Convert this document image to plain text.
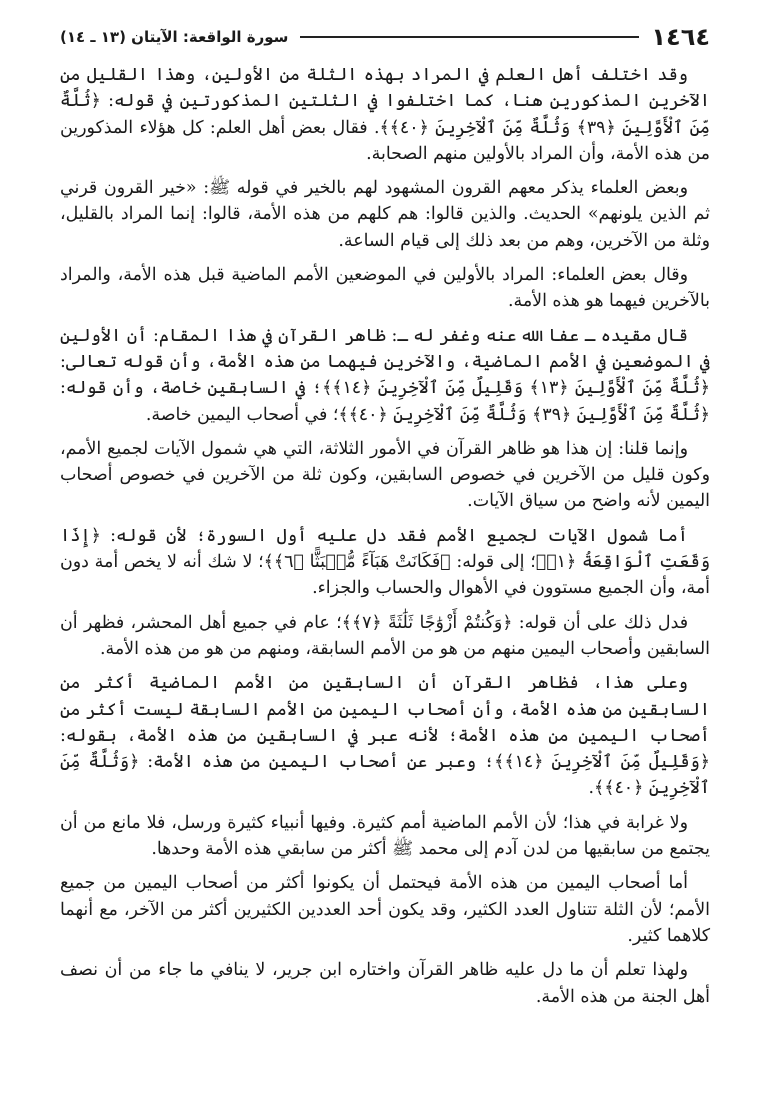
١٤٦٤
سورة الواقعة: الآيتان (١٣ ـ ١٤)

وقد اختلف أهل العلم في المراد بهذه الثلة من الأولين، وهذا القليل من الآخرين المذكورين هنا، كما اختلفوا في الثلتين المذكورتين في قوله: ﴿ثُلَّةٌ مِّنَ ٱلْأَوَّلِينَ ﴿٣٩﴾ وَثُلَّةٌ مِّنَ ٱلْآخِرِينَ ﴿٤٠﴾﴾. فقال بعض أهل العلم: كل هؤلاء المذكورين من هذه الأمة، وأن المراد بالأولين منهم الصحابة.

وبعض العلماء يذكر معهم القرون المشهود لهم بالخير في قوله ﷺ: «خير القرون قرني ثم الذين يلونهم» الحديث. والذين قالوا: هم كلهم من هذه الأمة، قالوا: إنما المراد بالقليل، وثلة من الآخرين، وهم من بعد ذلك إلى قيام الساعة.

وقال بعض العلماء: المراد بالأولين في الموضعين الأمم الماضية قبل هذه الأمة، والمراد بالآخرين فيهما هو هذه الأمة.

قال مقيده ـ عفا الله عنه وغفر له ـ: ظاهر القرآن في هذا المقام: أن الأولين في الموضعين في الأمم الماضية، والآخرين فيهما من هذه الأمة، وأن قوله تعالى: ﴿ثُلَّةٌ مِّنَ ٱلْأَوَّلِينَ ﴿١٣﴾ وَقَلِيلٌ مِّنَ ٱلْآخِرِينَ ﴿١٤﴾﴾؛ في السابقين خاصة، وأن قوله: ﴿ثُلَّةٌ مِّنَ ٱلْأَوَّلِينَ ﴿٣٩﴾ وَثُلَّةٌ مِّنَ ٱلْآخِرِينَ ﴿٤٠﴾﴾؛ في أصحاب اليمين خاصة.

وإنما قلنا: إن هذا هو ظاهر القرآن في الأمور الثلاثة، التي هي شمول الآيات لجميع الأمم، وكون قليل من الآخرين في خصوص السابقين، وكون ثلة من الآخرين في خصوص أصحاب اليمين لأنه واضح من سياق الآيات.

أما شمول الآيات لجميع الأمم فقد دل عليه أول السورة؛ لأن قوله: ﴿إِذَا وَقَعَتِ ٱلْوَاقِعَةُ ﴿١﴾﴾؛ إلى قوله: ﴿فَكَانَتْ هَبَآءً مُّنۢبَثًّا ﴿٦﴾﴾؛ لا شك أنه لا يخص أمة دون أمة، وأن الجميع مستوون في الأهوال والحساب والجزاء.

فدل ذلك على أن قوله: ﴿وَكُنتُمْ أَزْوَٰجًا ثَلَٰثَةً ﴿٧﴾﴾؛ عام في جميع أهل المحشر، فظهر أن السابقين وأصحاب اليمين منهم من هو من الأمم السابقة، ومنهم من هو من هذه الأمة.

وعلى هذا، فظاهر القرآن أن السابقين من الأمم الماضية أكثر من السابقين من هذه الأمة، وأن أصحاب اليمين من الأمم السابقة ليست أكثر من أصحاب اليمين من هذه الأمة؛ لأنه عبر في السابقين من هذه الأمة، بقوله: ﴿وَقَلِيلٌ مِّنَ ٱلْآخِرِينَ ﴿١٤﴾﴾؛ وعبر عن أصحاب اليمين من هذه الأمة: ﴿وَثُلَّةٌ مِّنَ ٱلْآخِرِينَ ﴿٤٠﴾﴾.

ولا غرابة في هذا؛ لأن الأمم الماضية أمم كثيرة. وفيها أنبياء كثيرة ورسل، فلا مانع من أن يجتمع من سابقيها من لدن آدم إلى محمد ﷺ أكثر من سابقي هذه الأمة وحدها.

أما أصحاب اليمين من هذه الأمة فيحتمل أن يكونوا أكثر من أصحاب اليمين من جميع الأمم؛ لأن الثلة تتناول العدد الكثير، وقد يكون أحد العددين الكثيرين أكثر من الآخر، مع أنهما كلاهما كثير.

ولهذا تعلم أن ما دل عليه ظاهر القرآن واختاره ابن جرير، لا ينافي ما جاء من أن نصف أهل الجنة من هذه الأمة.
